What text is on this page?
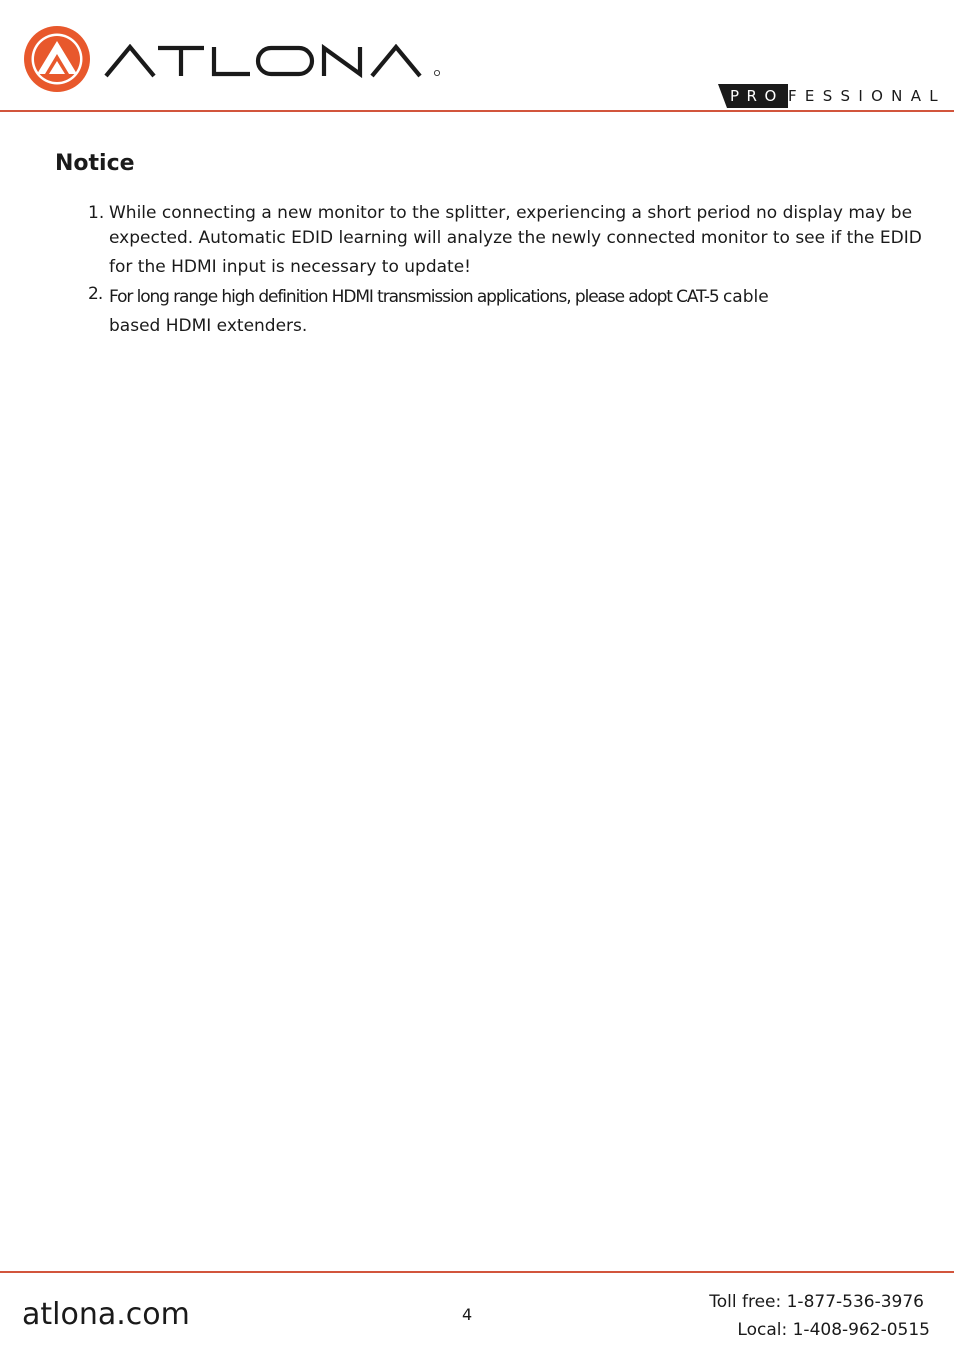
PRO FESSIONAL
Notice
1. While connecting a new monitor to the splitter, experiencing a short period no display may be
expected. Automatic EDID learning will analyze the newly connected monitor to see if the EDID
for the HDMI input is necessary to update!
2. For long range high definition HDMI transmission applications, please adopt CAT-5 cable
based HDMI extenders.
atlona.com	4
Toll free: 1-877-536-3976
Local: 1-408-962-0515
